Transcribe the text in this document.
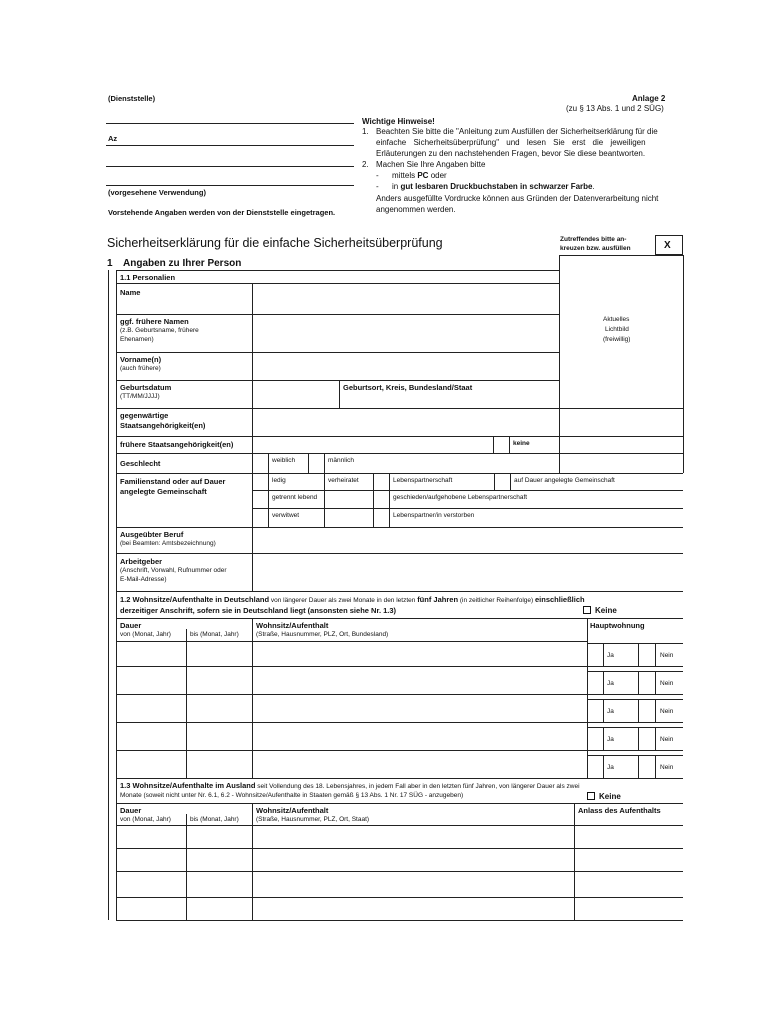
(Dienststelle)
Az
(vorgesehene Verwendung)
Vorstehende Angaben werden von der Dienststelle eingetragen.
Anlage 2
(zu § 13 Abs. 1 und 2 SÜG)
Wichtige Hinweise!
1. Beachten Sie bitte die "Anleitung zum Ausfüllen der Sicherheitserklärung für die
einfache Sicherheitsüberprüfung" und lesen Sie erst die jeweiligen
Erläuterungen zu den nachstehenden Fragen, bevor Sie diese beantworten.
2. Machen Sie Ihre Angaben bitte
- mittels PC oder
- in gut lesbaren Druckbuchstaben in schwarzer Farbe.
Anders ausgefüllte Vordrucke können aus Gründen der Datenverarbeitung nicht
angenommen werden.
Sicherheitserklärung für die einfache Sicherheitsüberprüfung	Zutreffendes bitte an-
kreuzen bzw. ausfüllen	X
1 Angaben zu Ihrer Person
1.1 Personalien
Aktuelles
Lichtbild
(freiwillig)
Name
ggf. frühere Namen
(z.B. Geburtsname, frühere
Ehenamen)
Vorname(n)
(auch frühere)
Geburtsdatum
(TT/MM/JJJJ)
Geburtsort, Kreis, Bundesland/Staat
gegenwärtige
Staatsangehörigkeit(en)
frühere Staatsangehörigkeit(en)	keine
Geschlecht	weiblich	männlich
Familienstand oder auf Dauer
angelegte Gemeinschaft
ledig	verheiratet	Lebenspartnerschaft	auf Dauer angelegte Gemeinschaft
getrennt lebend	geschieden/aufgehobene Lebenspartnerschaft
verwitwet	Lebenspartner/in verstorben
Ausgeübter Beruf
(bei Beamten: Amtsbezeichnung)
Arbeitgeber
(Anschrift, Vorwahl, Rufnummer oder
E-Mail-Adresse)
1.2 Wohnsitze/Aufenthalte in Deutschland von längerer Dauer als zwei Monate in den letzten fünf Jahren (in zeitlicher Reihenfolge) einschließlich
derzeitiger Anschrift, sofern sie in Deutschland liegt (ansonsten siehe Nr. 1.3)	Keine
Dauer
von (Monat, Jahr)	bis (Monat, Jahr)
Wohnsitz/Aufenthalt
(Straße, Hausnummer, PLZ, Ort, Bundesland)
Hauptwohnung
Ja	Nein
Ja	Nein
Ja	Nein
Ja	Nein
Ja	Nein
1.3 Wohnsitze/Aufenthalte im Ausland seit Vollendung des 18. Lebensjahres, in jedem Fall aber in den letzten fünf Jahren, von längerer Dauer als zwei
Monate (soweit nicht unter Nr. 6.1, 6.2 - Wohnsitze/Aufenthalte in Staaten gemäß § 13 Abs. 1 Nr. 17 SÜG - anzugeben)	Keine
Dauer
von (Monat, Jahr)	bis (Monat, Jahr)
Wohnsitz/Aufenthalt
(Straße, Hausnummer, PLZ, Ort, Staat)
Anlass des Aufenthalts
